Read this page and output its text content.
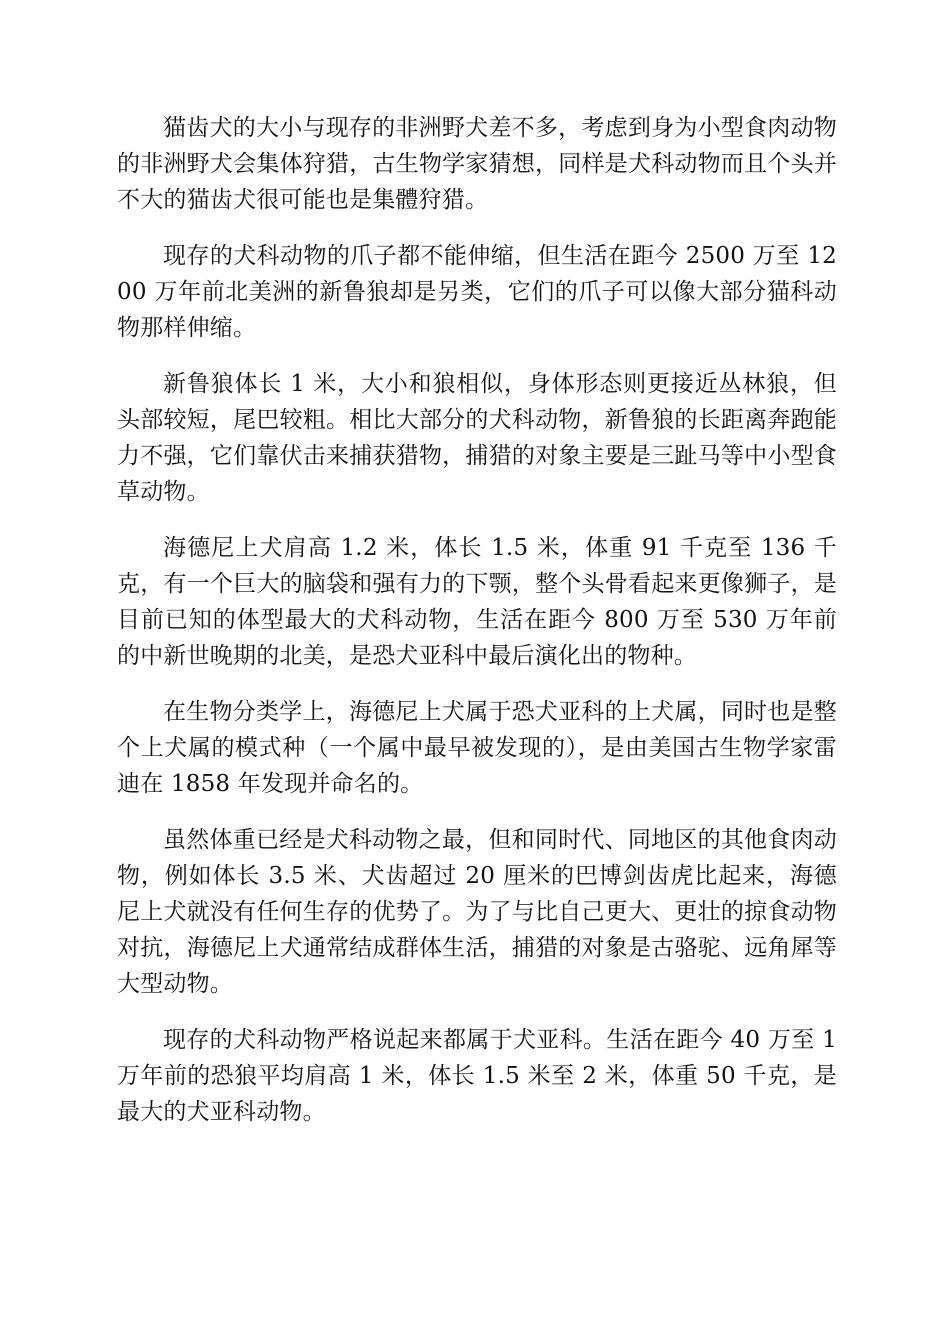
猫齿犬的大小与现存的非洲野犬差不多，考虑到身为小型食肉动物的非洲野犬会集体狩猎，古生物学家猜想，同样是犬科动物而且个头并不大的猫齿犬很可能也是集體狩猎。

现存的犬科动物的爪子都不能伸缩，但生活在距今 2500 万至 1200 万年前北美洲的新鲁狼却是另类，它们的爪子可以像大部分猫科动物那样伸缩。

新鲁狼体长 1 米，大小和狼相似，身体形态则更接近丛林狼，但头部较短，尾巴较粗。相比大部分的犬科动物，新鲁狼的长距离奔跑能力不强，它们靠伏击来捕获猎物，捕猎的对象主要是三趾马等中小型食草动物。

海德尼上犬肩高 1.2 米，体长 1.5 米，体重 91 千克至 136 千克，有一个巨大的脑袋和强有力的下颚，整个头骨看起来更像狮子，是目前已知的体型最大的犬科动物，生活在距今 800 万至 530 万年前的中新世晚期的北美，是恐犬亚科中最后演化出的物种。

在生物分类学上，海德尼上犬属于恐犬亚科的上犬属，同时也是整个上犬属的模式种（一个属中最早被发现的），是由美国古生物学家雷迪在 1858 年发现并命名的。

虽然体重已经是犬科动物之最，但和同时代、同地区的其他食肉动物，例如体长 3.5 米、犬齿超过 20 厘米的巴博剑齿虎比起来，海德尼上犬就没有任何生存的优势了。为了与比自己更大、更壮的掠食动物对抗，海德尼上犬通常结成群体生活，捕猎的对象是古骆驼、远角犀等大型动物。

现存的犬科动物严格说起来都属于犬亚科。生活在距今 40 万至 1 万年前的恐狼平均肩高 1 米，体长 1.5 米至 2 米，体重 50 千克，是最大的犬亚科动物。
